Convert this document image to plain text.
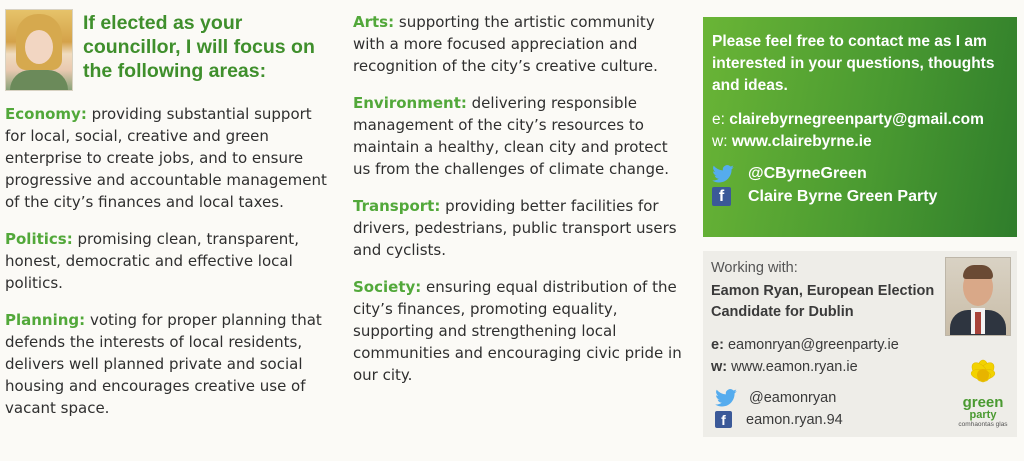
If elected as your councillor, I will focus on the following areas:

Economy: providing substantial support for local, social, creative and green enterprise to create jobs, and to ensure progressive and accountable management of the city’s finances and local taxes.

Politics: promising clean, transparent, honest, democratic and effective local politics.

Planning: voting for proper planning that defends the interests of local residents, delivers well planned private and social housing and encourages creative use of vacant space.

Arts: supporting the artistic community with a more focused appreciation and recognition of the city’s creative culture.

Environment: delivering responsible management of the city’s resources to maintain a healthy, clean city and protect us from the challenges of climate change.

Transport: providing better facilities for drivers, pedestrians, public transport users and cyclists.

Society: ensuring equal distribution of the city’s finances, promoting equality, supporting and strengthening local communities and encouraging civic pride in our city.

Please feel free to contact me as I am interested in your questions, thoughts and ideas.
e: clairebyrnegreenparty@gmail.com
w: www.clairebyrne.ie
@CByrneGreen
f	Claire Byrne Green Party
Working with:
Eamon Ryan, European Election Candidate for Dublin
e: eamonryan@greenparty.ie
w: www.eamon.ryan.ie
@eamonryan
f	eamon.ryan.94
green
party
comhaontas glas
